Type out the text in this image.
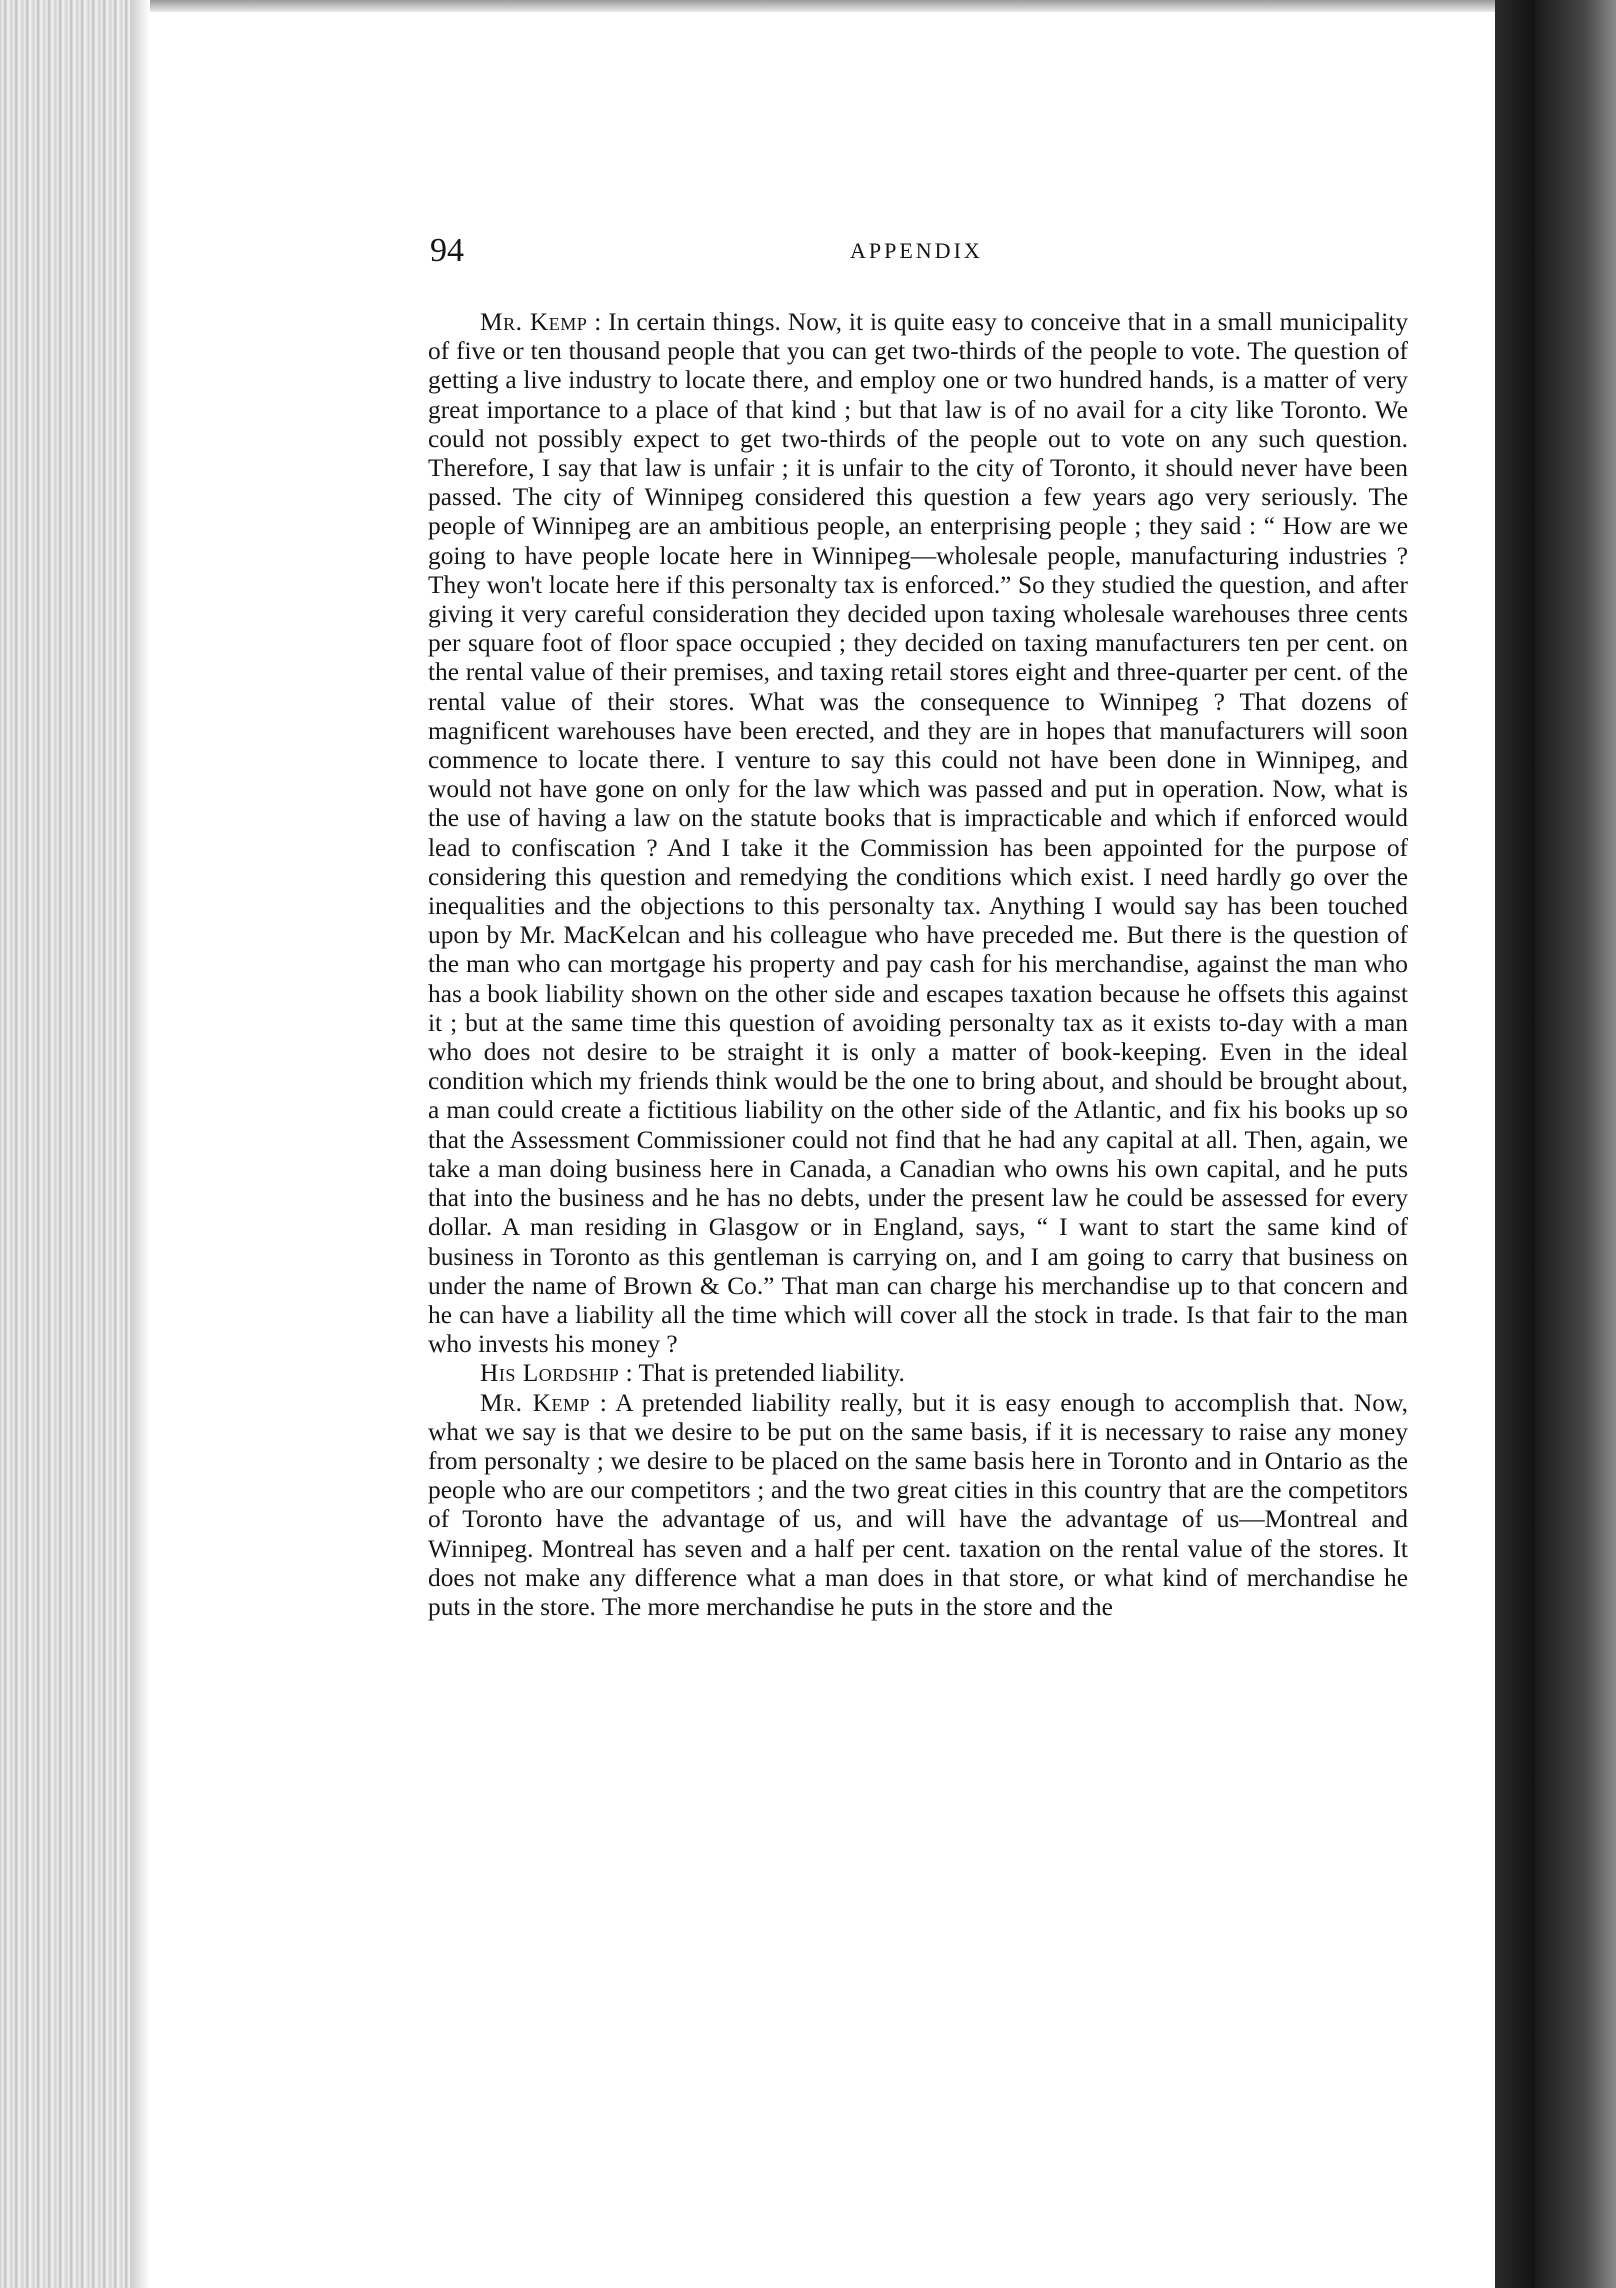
94	APPENDIX

Mr. Kemp : In certain things. Now, it is quite easy to conceive that in a small municipality of five or ten thousand people that you can get two-thirds of the people to vote. The question of getting a live industry to locate there, and employ one or two hundred hands, is a matter of very great importance to a place of that kind ; but that law is of no avail for a city like Toronto. We could not possibly expect to get two-thirds of the people out to vote on any such question. Therefore, I say that law is unfair ; it is unfair to the city of Toronto, it should never have been passed. The city of Winnipeg considered this question a few years ago very seriously. The people of Winnipeg are an ambitious people, an enterprising people ; they said : “ How are we going to have people locate here in Winnipeg—wholesale people, manufacturing industries ? They won't locate here if this personalty tax is enforced.” So they studied the question, and after giving it very careful consideration they decided upon taxing wholesale warehouses three cents per square foot of floor space occupied ; they decided on taxing manufacturers ten per cent. on the rental value of their premises, and taxing retail stores eight and three-quarter per cent. of the rental value of their stores. What was the consequence to Winnipeg ? That dozens of magnificent warehouses have been erected, and they are in hopes that manufacturers will soon commence to locate there. I venture to say this could not have been done in Winnipeg, and would not have gone on only for the law which was passed and put in operation. Now, what is the use of having a law on the statute books that is impracticable and which if enforced would lead to confiscation ? And I take it the Commission has been appointed for the purpose of considering this question and remedying the conditions which exist. I need hardly go over the inequalities and the objections to this personalty tax. Anything I would say has been touched upon by Mr. MacKelcan and his colleague who have preceded me. But there is the question of the man who can mortgage his property and pay cash for his merchandise, against the man who has a book liability shown on the other side and escapes taxation because he offsets this against it ; but at the same time this question of avoiding personalty tax as it exists to-day with a man who does not desire to be straight it is only a matter of book-keeping. Even in the ideal condition which my friends think would be the one to bring about, and should be brought about, a man could create a fictitious liability on the other side of the Atlantic, and fix his books up so that the Assessment Commissioner could not find that he had any capital at all. Then, again, we take a man doing business here in Canada, a Canadian who owns his own capital, and he puts that into the business and he has no debts, under the present law he could be assessed for every dollar. A man residing in Glasgow or in England, says, “ I want to start the same kind of business in Toronto as this gentleman is carrying on, and I am going to carry that business on under the name of Brown & Co.” That man can charge his merchandise up to that concern and he can have a liability all the time which will cover all the stock in trade. Is that fair to the man who invests his money ?

His Lordship : That is pretended liability.

Mr. Kemp : A pretended liability really, but it is easy enough to accomplish that. Now, what we say is that we desire to be put on the same basis, if it is necessary to raise any money from personalty ; we desire to be placed on the same basis here in Toronto and in Ontario as the people who are our competitors ; and the two great cities in this country that are the competitors of Toronto have the advantage of us, and will have the advantage of us—Montreal and Winnipeg. Montreal has seven and a half per cent. taxation on the rental value of the stores. It does not make any difference what a man does in that store, or what kind of merchandise he puts in the store. The more merchandise he puts in the store and the
